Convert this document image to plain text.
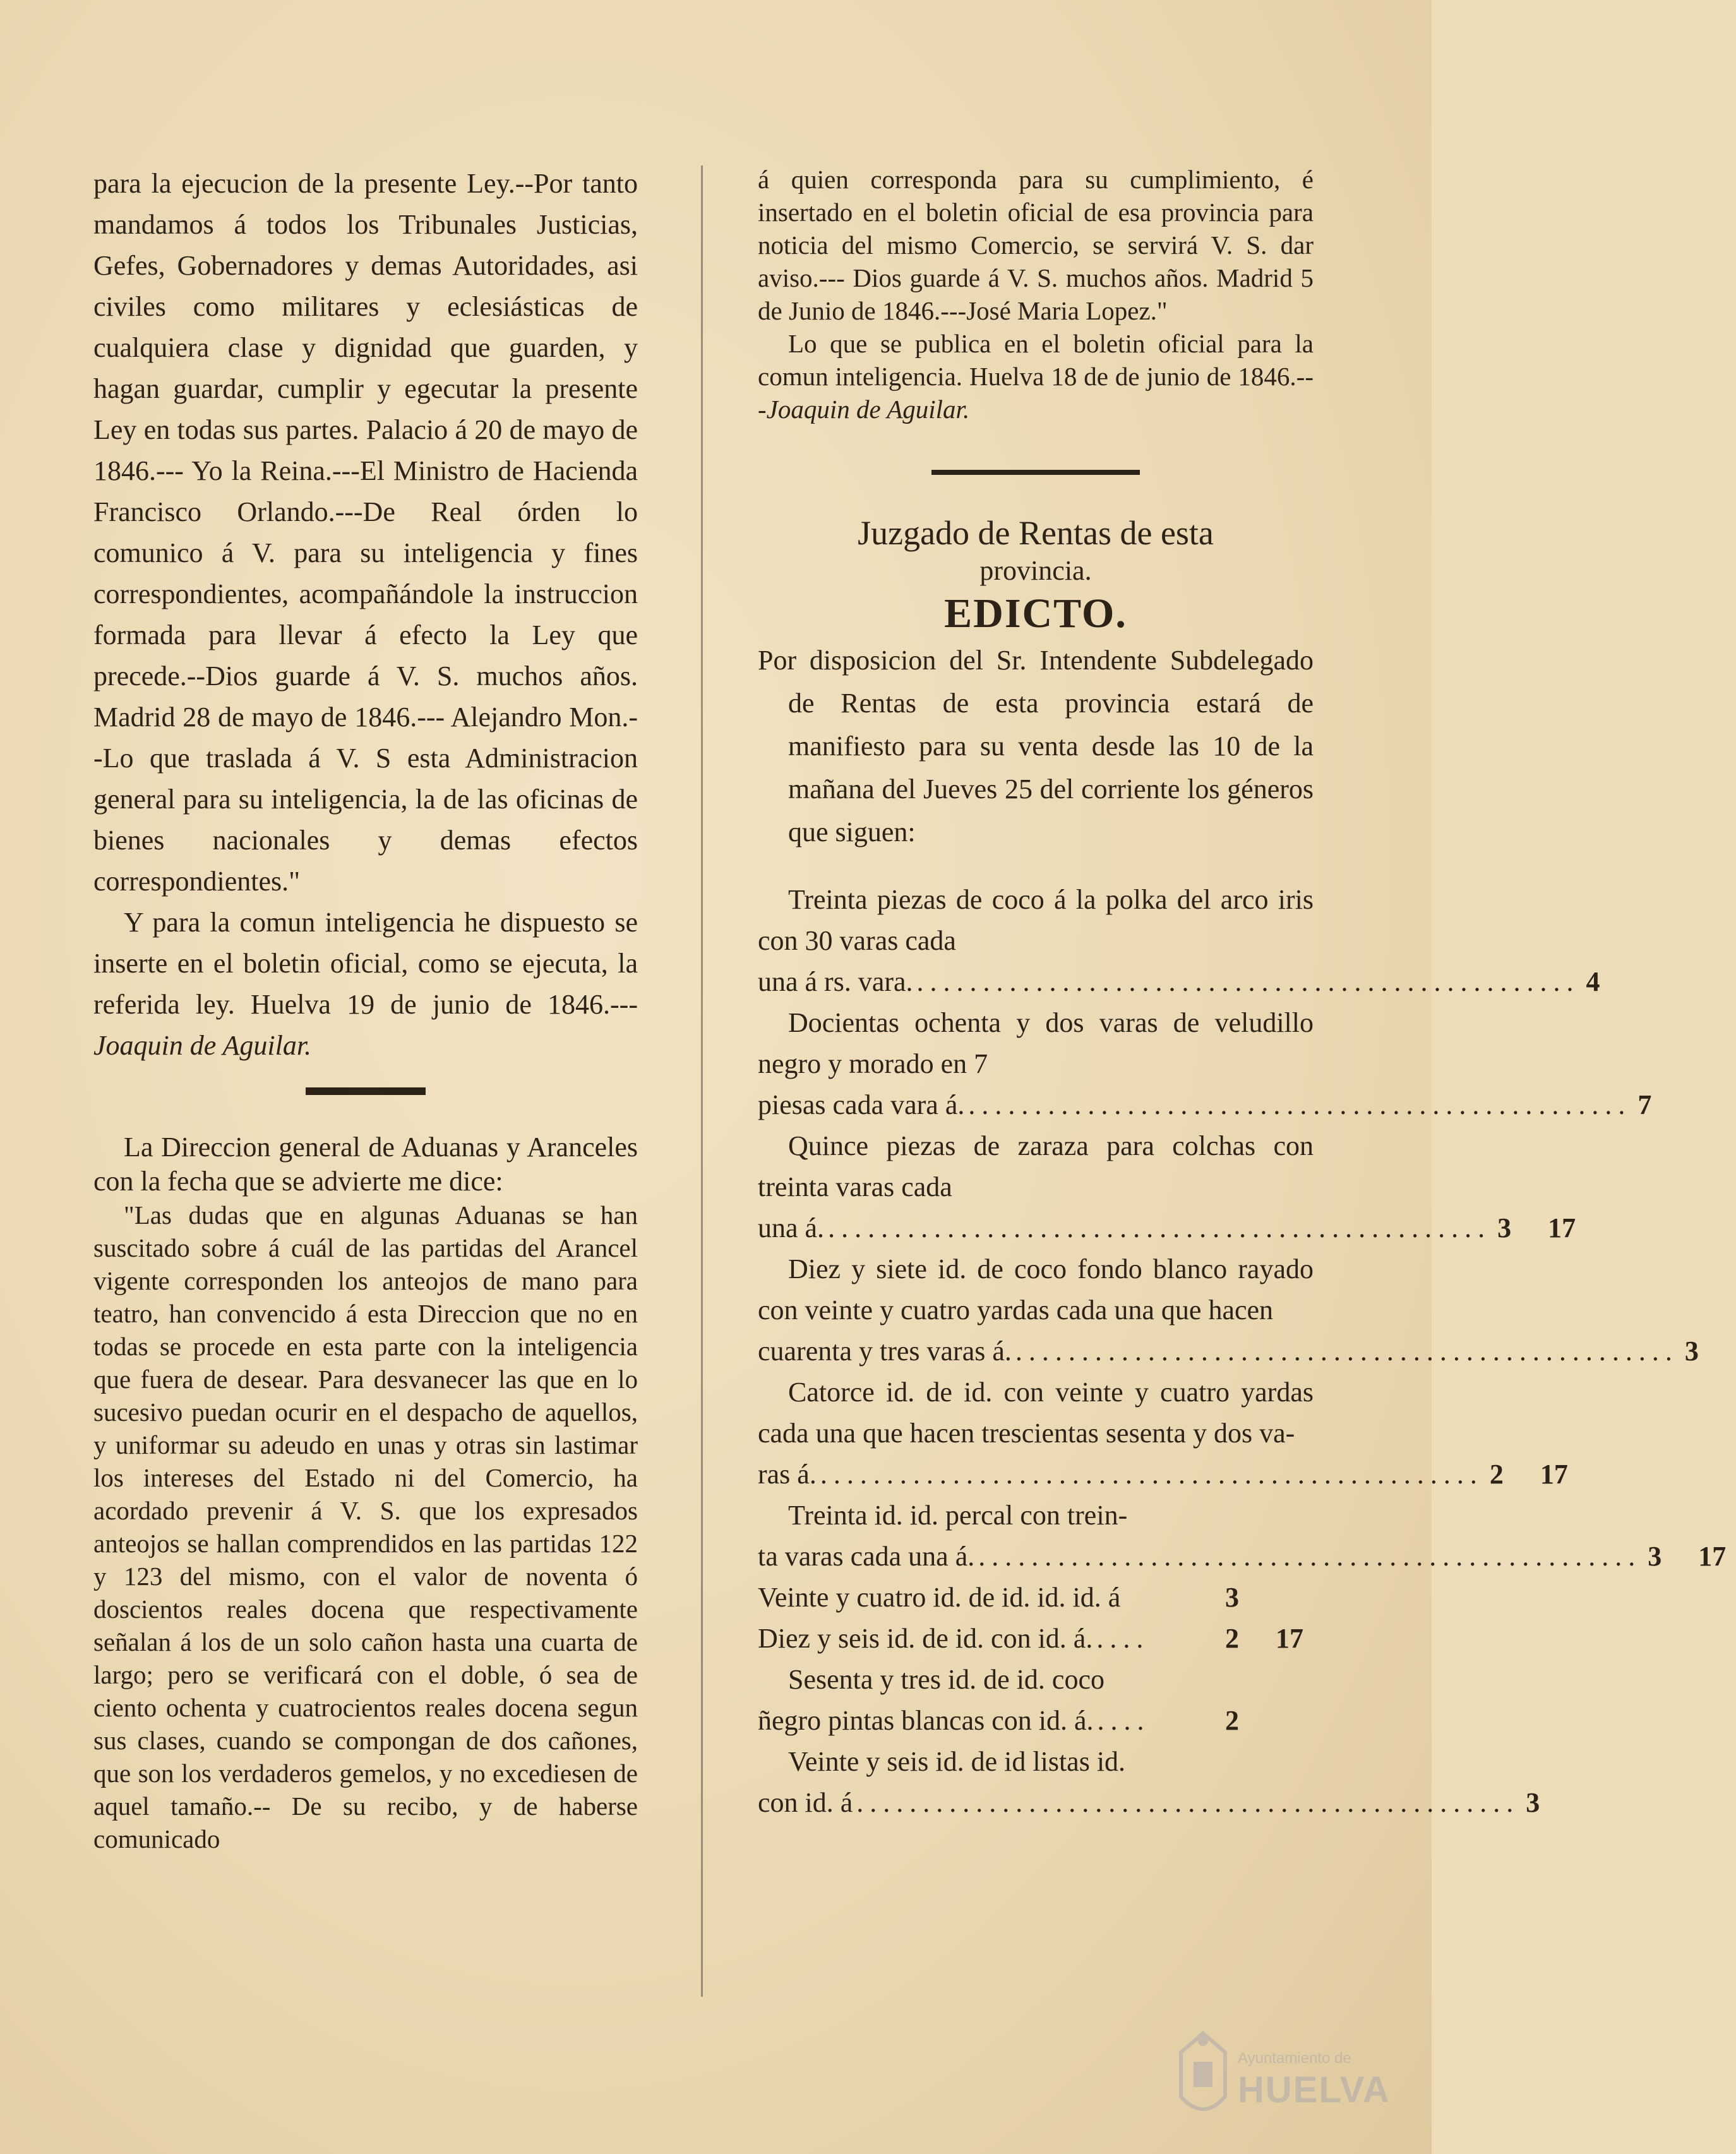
para la ejecucion de la presente Ley.--Por tanto mandamos á todos los Tribunales Justicias, Gefes, Gobernadores y demas Autoridades, asi civiles como militares y eclesiásticas de cualquiera clase y dignidad que guarden, y hagan guardar, cumplir y egecutar la presente Ley en todas sus partes. Palacio á 20 de mayo de 1846.--- Yo la Reina.---El Ministro de Hacienda Francisco Orlando.---De Real órden lo comunico á V. para su inteligencia y fines correspondientes, acompañándole la instruccion formada para llevar á efecto la Ley que precede.--Dios guarde á V. S. muchos años. Madrid 28 de mayo de 1846.--- Alejandro Mon.--Lo que traslada á V. S esta Administracion general para su inteligencia, la de las oficinas de bienes nacionales y demas efectos correspondientes."

Y para la comun inteligencia he dispuesto se inserte en el boletin oficial, como se ejecuta, la referida ley. Huelva 19 de junio de 1846.---Joaquin de Aguilar.

La Direccion general de Aduanas y Aranceles con la fecha que se advierte me dice:

"Las dudas que en algunas Aduanas se han suscitado sobre á cuál de las partidas del Arancel vigente corresponden los anteojos de mano para teatro, han convencido á esta Direccion que no en todas se procede en esta parte con la inteligencia que fuera de desear. Para desvanecer las que en lo sucesivo puedan ocurir en el despacho de aquellos, y uniformar su adeudo en unas y otras sin lastimar los intereses del Estado ni del Comercio, ha acordado prevenir á V. S. que los expresados anteojos se hallan comprendidos en las partidas 122 y 123 del mismo, con el valor de noventa ó doscientos reales docena que respectivamente señalan á los de un solo cañon hasta una cuarta de largo; pero se verificará con el doble, ó sea de ciento ochenta y cuatrocientos reales docena segun sus clases, cuando se compongan de dos cañones, que son los verdaderos gemelos, y no excediesen de aquel tamaño.-- De su recibo, y de haberse comunicado

á quien corresponda para su cumplimiento, é insertado en el boletin oficial de esa provincia para noticia del mismo Comercio, se servirá V. S. dar aviso.--- Dios guarde á V. S. muchos años. Madrid 5 de Junio de 1846.---José Maria Lopez."

Lo que se publica en el boletin oficial para la comun inteligencia. Huelva 18 de de junio de 1846.---Joaquin de Aguilar.

Juzgado de Rentas de esta

provincia.

EDICTO.

Por disposicion del Sr. Intendente Subdelegado de Rentas de esta provincia estará de manifiesto para su venta desde las 10 de la mañana del Jueves 25 del corriente los géneros que siguen:

Treinta piezas de coco á la polka del arco iris con 30 varas cada

una á rs. vara. .................................................. 4

Docientas ochenta y dos varas de veludillo negro y morado en 7

piesas cada vara á. .................................................. 7

Quince piezas de zaraza para colchas con treinta varas cada

una á. .................................................. 3	17

Diez y siete id. de coco fondo blanco rayado con veinte y cuatro yardas cada una que hacen

cuarenta y tres varas á. .................................................. 3

Catorce id. de id. con veinte y cuatro yardas cada una que hacen trescientas sesenta y dos va-

ras á. .................................................. 2	17

Treinta id. id. percal con trein-

ta varas cada una á. .................................................. 3	17
Veinte y cuatro id. de id. id. id. á	3
Diez y seis id. de id. con id. á. ....	2	17

Sesenta y tres id. de id. coco

ñegro pintas blancas con id. á. ....	2

Veinte y seis id. de id listas id.

con id. á .................................................. 3
Ayuntamiento de
HUELVA
